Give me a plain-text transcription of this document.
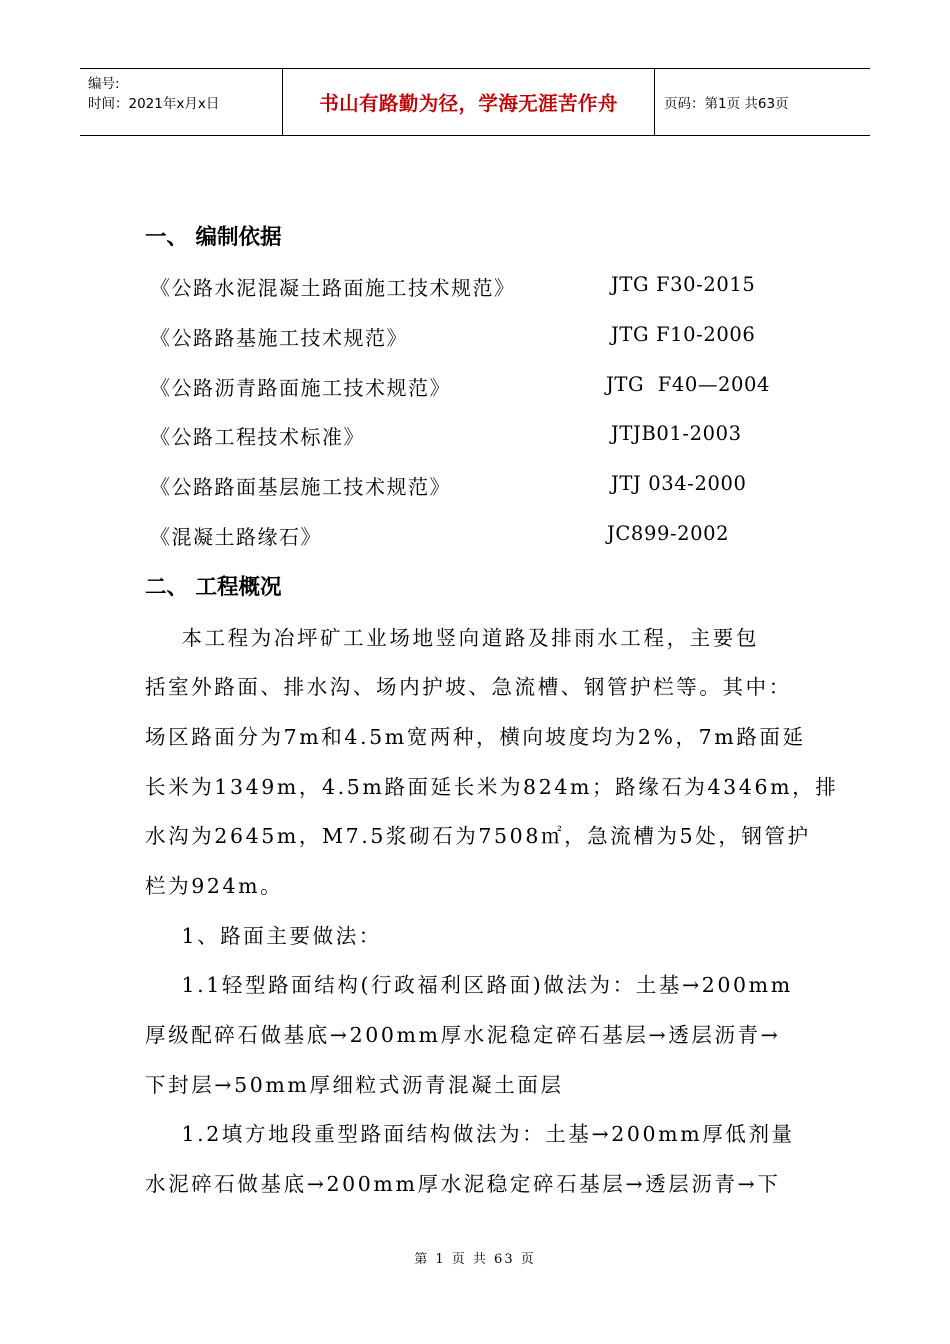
编号:
时间：2021年x月x日	书山有路勤为径，学海无涯苦作舟	页码：第1页 共63页
一、 编制依据
《公路水泥混凝土路面施工技术规范》	JTG F30-2015
《公路路基施工技术规范》	JTG F10-2006
《公路沥青路面施工技术规范》	JTG  F40—2004
《公路工程技术标准》	JTJB01-2003
《公路路面基层施工技术规范》	JTJ 034-2000
《混凝土路缘石》	JC899-2002
二、 工程概况
本工程为冶坪矿工业场地竖向道路及排雨水工程，主要包
括室外路面、排水沟、场内护坡、急流槽、钢管护栏等。其中：
场区路面分为7m和4.5m宽两种，横向坡度均为2%，7m路面延
长米为1349m，4.5m路面延长米为824m；路缘石为4346m，排
水沟为2645m，M7.5浆砌石为7508㎡，急流槽为5处，钢管护
栏为924m。
1、路面主要做法：
1.1轻型路面结构(行政福利区路面)做法为：土基→200mm
厚级配碎石做基底→200mm厚水泥稳定碎石基层→透层沥青→
下封层→50mm厚细粒式沥青混凝土面层
1.2填方地段重型路面结构做法为：土基→200mm厚低剂量
水泥碎石做基底→200mm厚水泥稳定碎石基层→透层沥青→下
第 1 页 共 63 页
